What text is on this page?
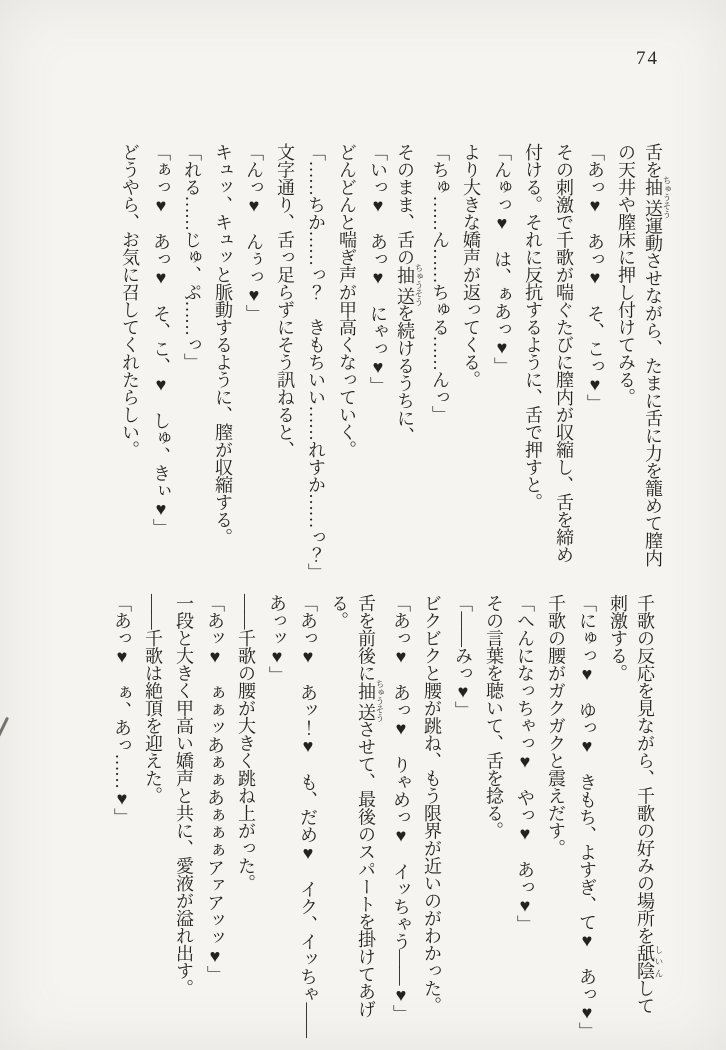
74
舌を抽送 ちゅうそう運動させながら、たまに舌に力を籠めて膣内
の天井や膣床に押し付けてみる。
「あっ♥　あっ♥　そ、こっ♥」
その刺激で千歌が喘ぐたびに膣内が収縮し、舌を締め
付ける。それに反抗するように、舌で押すと。
「んゅっ♥　は、ぁあっ♥」
より大きな嬌声が返ってくる。
「ちゅ……ん……ちゅる……んっ」
そのまま、舌の抽送 ちゅうそうを続けるうちに、
「いっ♥　あっ♥　にゃっ♥」
どんどんと喘ぎ声が甲高くなっていく。
「……ちか……っ？　きもちいい……れすか……っ？」
文字通り、舌っ足らずにそう訊ねると、
「んっ♥　んぅっ♥」
キュッ、キュッと脈動するように、膣が収縮する。
「れる……じゅ、ぷ……っ」
「ぁっ♥　あっ♥　そ、こ、♥　しゅ、きぃ♥」
どうやら、お気に召してくれたらしい。
千歌の反応を見ながら、千歌の好みの場所を舐陰 しいんして
刺激する。
「にゅっ♥　ゆっ♥　きもち、よすぎ、て♥　あっ♥」
千歌の腰がガクガクと震えだす。
「へんになっちゃっ♥　やっ♥　あっ♥」
その言葉を聴いて、舌を捻る。
「――みっ♥」
ビクビクと腰が跳ね、もう限界が近いのがわかった。
「あっ♥　あっ♥　りゃめっ♥　イッちゃう――♥」
舌を前後に抽送 ちゅうそうさせて、最後のスパートを掛けてあげ
る。
「あっ♥　あッ！♥　も、だめ♥　イク、イッちゃ――
あっッ♥」
――千歌の腰が大きく跳ね上がった。
「あッ♥　ぁぁッあぁぁあぁぁぁアァアッッ♥」
一段と大きく甲高い嬌声と共に、愛液が溢れ出す。
――千歌は絶頂を迎えた。
「あっ♥　ぁ、あっ……♥」
